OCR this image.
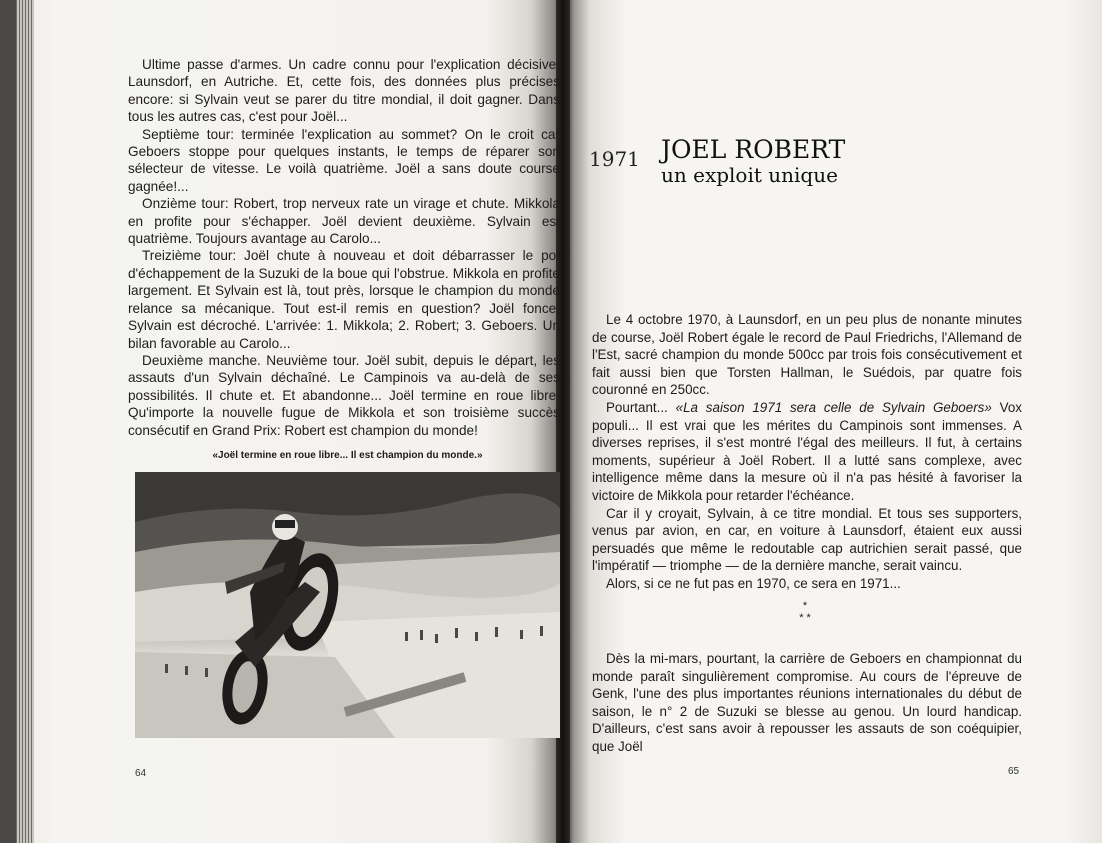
Ultime passe d'armes. Un cadre connu pour l'explication décisive: Launsdorf, en Autriche. Et, cette fois, des données plus précises encore: si Sylvain veut se parer du titre mondial, il doit gagner. Dans tous les autres cas, c'est pour Joël...

Septième tour: terminée l'explication au sommet? On le croit car Geboers stoppe pour quelques instants, le temps de réparer son sélecteur de vitesse. Le voilà quatrième. Joël a sans doute course gagnée!...

Onzième tour: Robert, trop nerveux rate un virage et chute. Mikkola en profite pour s'échapper. Joël devient deuxième. Sylvain est quatrième. Toujours avantage au Carolo...

Treizième tour: Joël chute à nouveau et doit débarrasser le pot d'échappement de la Suzuki de la boue qui l'obstrue. Mikkola en profite largement. Et Sylvain est là, tout près, lorsque le champion du monde relance sa mécanique. Tout est-il remis en question? Joël fonce. Sylvain est décroché. L'arrivée: 1. Mikkola; 2. Robert; 3. Geboers. Un bilan favorable au Carolo...

Deuxième manche. Neuvième tour. Joël subit, depuis le départ, les assauts d'un Sylvain déchaîné. Le Campinois va au-delà de ses possibilités. Il chute et. Et abandonne... Joël termine en roue libre. Qu'importe la nouvelle fugue de Mikkola et son troisième succès consécutif en Grand Prix: Robert est champion du monde!

«Joël termine en roue libre... Il est champion du monde.»
64
1971 JOEL ROBERT
un exploit unique

Le 4 octobre 1970, à Launsdorf, en un peu plus de nonante minutes de course, Joël Robert égale le record de Paul Friedrichs, l'Allemand de l'Est, sacré champion du monde 500cc par trois fois consécutivement et fait aussi bien que Torsten Hallman, le Suédois, par quatre fois couronné en 250cc.

Pourtant... «La saison 1971 sera celle de Sylvain Geboers» Vox populi... Il est vrai que les mérites du Campinois sont immenses. A diverses reprises, il s'est montré l'égal des meilleurs. Il fut, à certains moments, supérieur à Joël Robert. Il a lutté sans complexe, avec intelligence même dans la mesure où il n'a pas hésité à favoriser la victoire de Mikkola pour retarder l'échéance.

Car il y croyait, Sylvain, à ce titre mondial. Et tous ses supporters, venus par avion, en car, en voiture à Launsdorf, étaient eux aussi persuadés que même le redoutable cap autrichien serait passé, que l'impératif — triomphe — de la dernière manche, serait vaincu.

Alors, si ce ne fut pas en 1970, ce sera en 1971...

*
* *

Dès la mi-mars, pourtant, la carrière de Geboers en championnat du monde paraît singulièrement compromise. Au cours de l'épreuve de Genk, l'une des plus importantes réunions internationales du début de saison, le n° 2 de Suzuki se blesse au genou. Un lourd handicap. D'ailleurs, c'est sans avoir à repousser les assauts de son coéquipier, que Joël

65
